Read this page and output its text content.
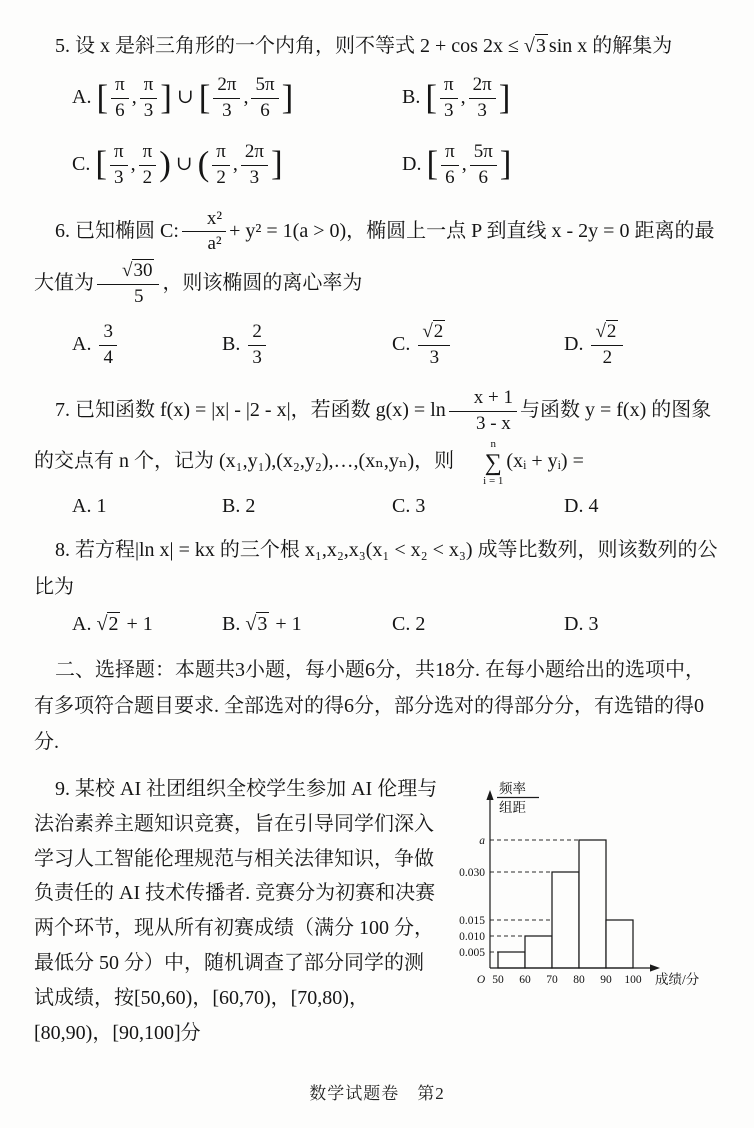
5. 设 x 是斜三角形的一个内角，则不等式 2 + cos 2x ≤ √3 sin x 的解集为

A. [ $\frac{\pi}{6}$ , $\frac{\pi}{3}$ ] ∪ [ $\frac{2\pi}{3}$ , $\frac{5\pi}{6}$ ]	B. [ $\frac{\pi}{3}$ , $\frac{2\pi}{3}$ ]
C. [ $\frac{\pi}{3}$ , $\frac{\pi}{2}$ ) ∪ ( $\frac{\pi}{2}$ , $\frac{2\pi}{3}$ ]	D. [ $\frac{\pi}{6}$ , $\frac{5\pi}{6}$ ]

6. 已知椭圆 C: $\frac{\text{x²}}{\text{a²}} + y^2 = 1(a > 0)$，椭圆上一点 P 到直线 x - 2y = 0 距离的最大值为 $\frac{√30}{5}$ ，则该椭圆的离心率为

A. $\frac{3}{4}$	B. $\frac{2}{3}$	C. $\frac{√2}{3}$	D. $\frac{√2}{2}$

7. 已知函数 f(x) = |x| - |2 - x|，若函数 $g(x) = \ln \frac{x + 1}{3 - x}$ 与函数 y = f(x) 的图象的交点有 n 个，记为 (x₁,y₁),(x₂,y₂),…,(xₙ,yₙ)，则
n
∑
i = 1
(xᵢ + yᵢ) =

A. 1	B. 2	C. 3	D. 4

8. 若方程|ln x| = kx 的三个根 x₁,x₂,x₃(x₁ < x₂ < x₃) 成等比数列，则该数列的公比为

A. √2 + 1	B. √3 + 1	C. 2	D. 3

二、选择题：本题共3小题，每小题6分，共18分. 在每小题给出的选项中，有多项符合题目要求. 全部选对的得6分，部分选对的得部分分，有选错的得0分.

0.005
0.010
0.015
0.030
a
50 60 70 80 90 100
O	成绩/分
频率
组距

9. 某校 AI 社团组织全校学生参加 AI 伦理与法治素养主题知识竞赛，旨在引导同学们深入学习人工智能伦理规范与相关法律知识，争做负责任的 AI 技术传播者. 竞赛分为初赛和决赛两个环节，现从所有初赛成绩（满分 100 分，最低分 50 分）中，随机调查了部分同学的测试成绩，按[50,60)，[60,70)，[70,80)，[80,90)，[90,100]分

数学试题卷　第2
